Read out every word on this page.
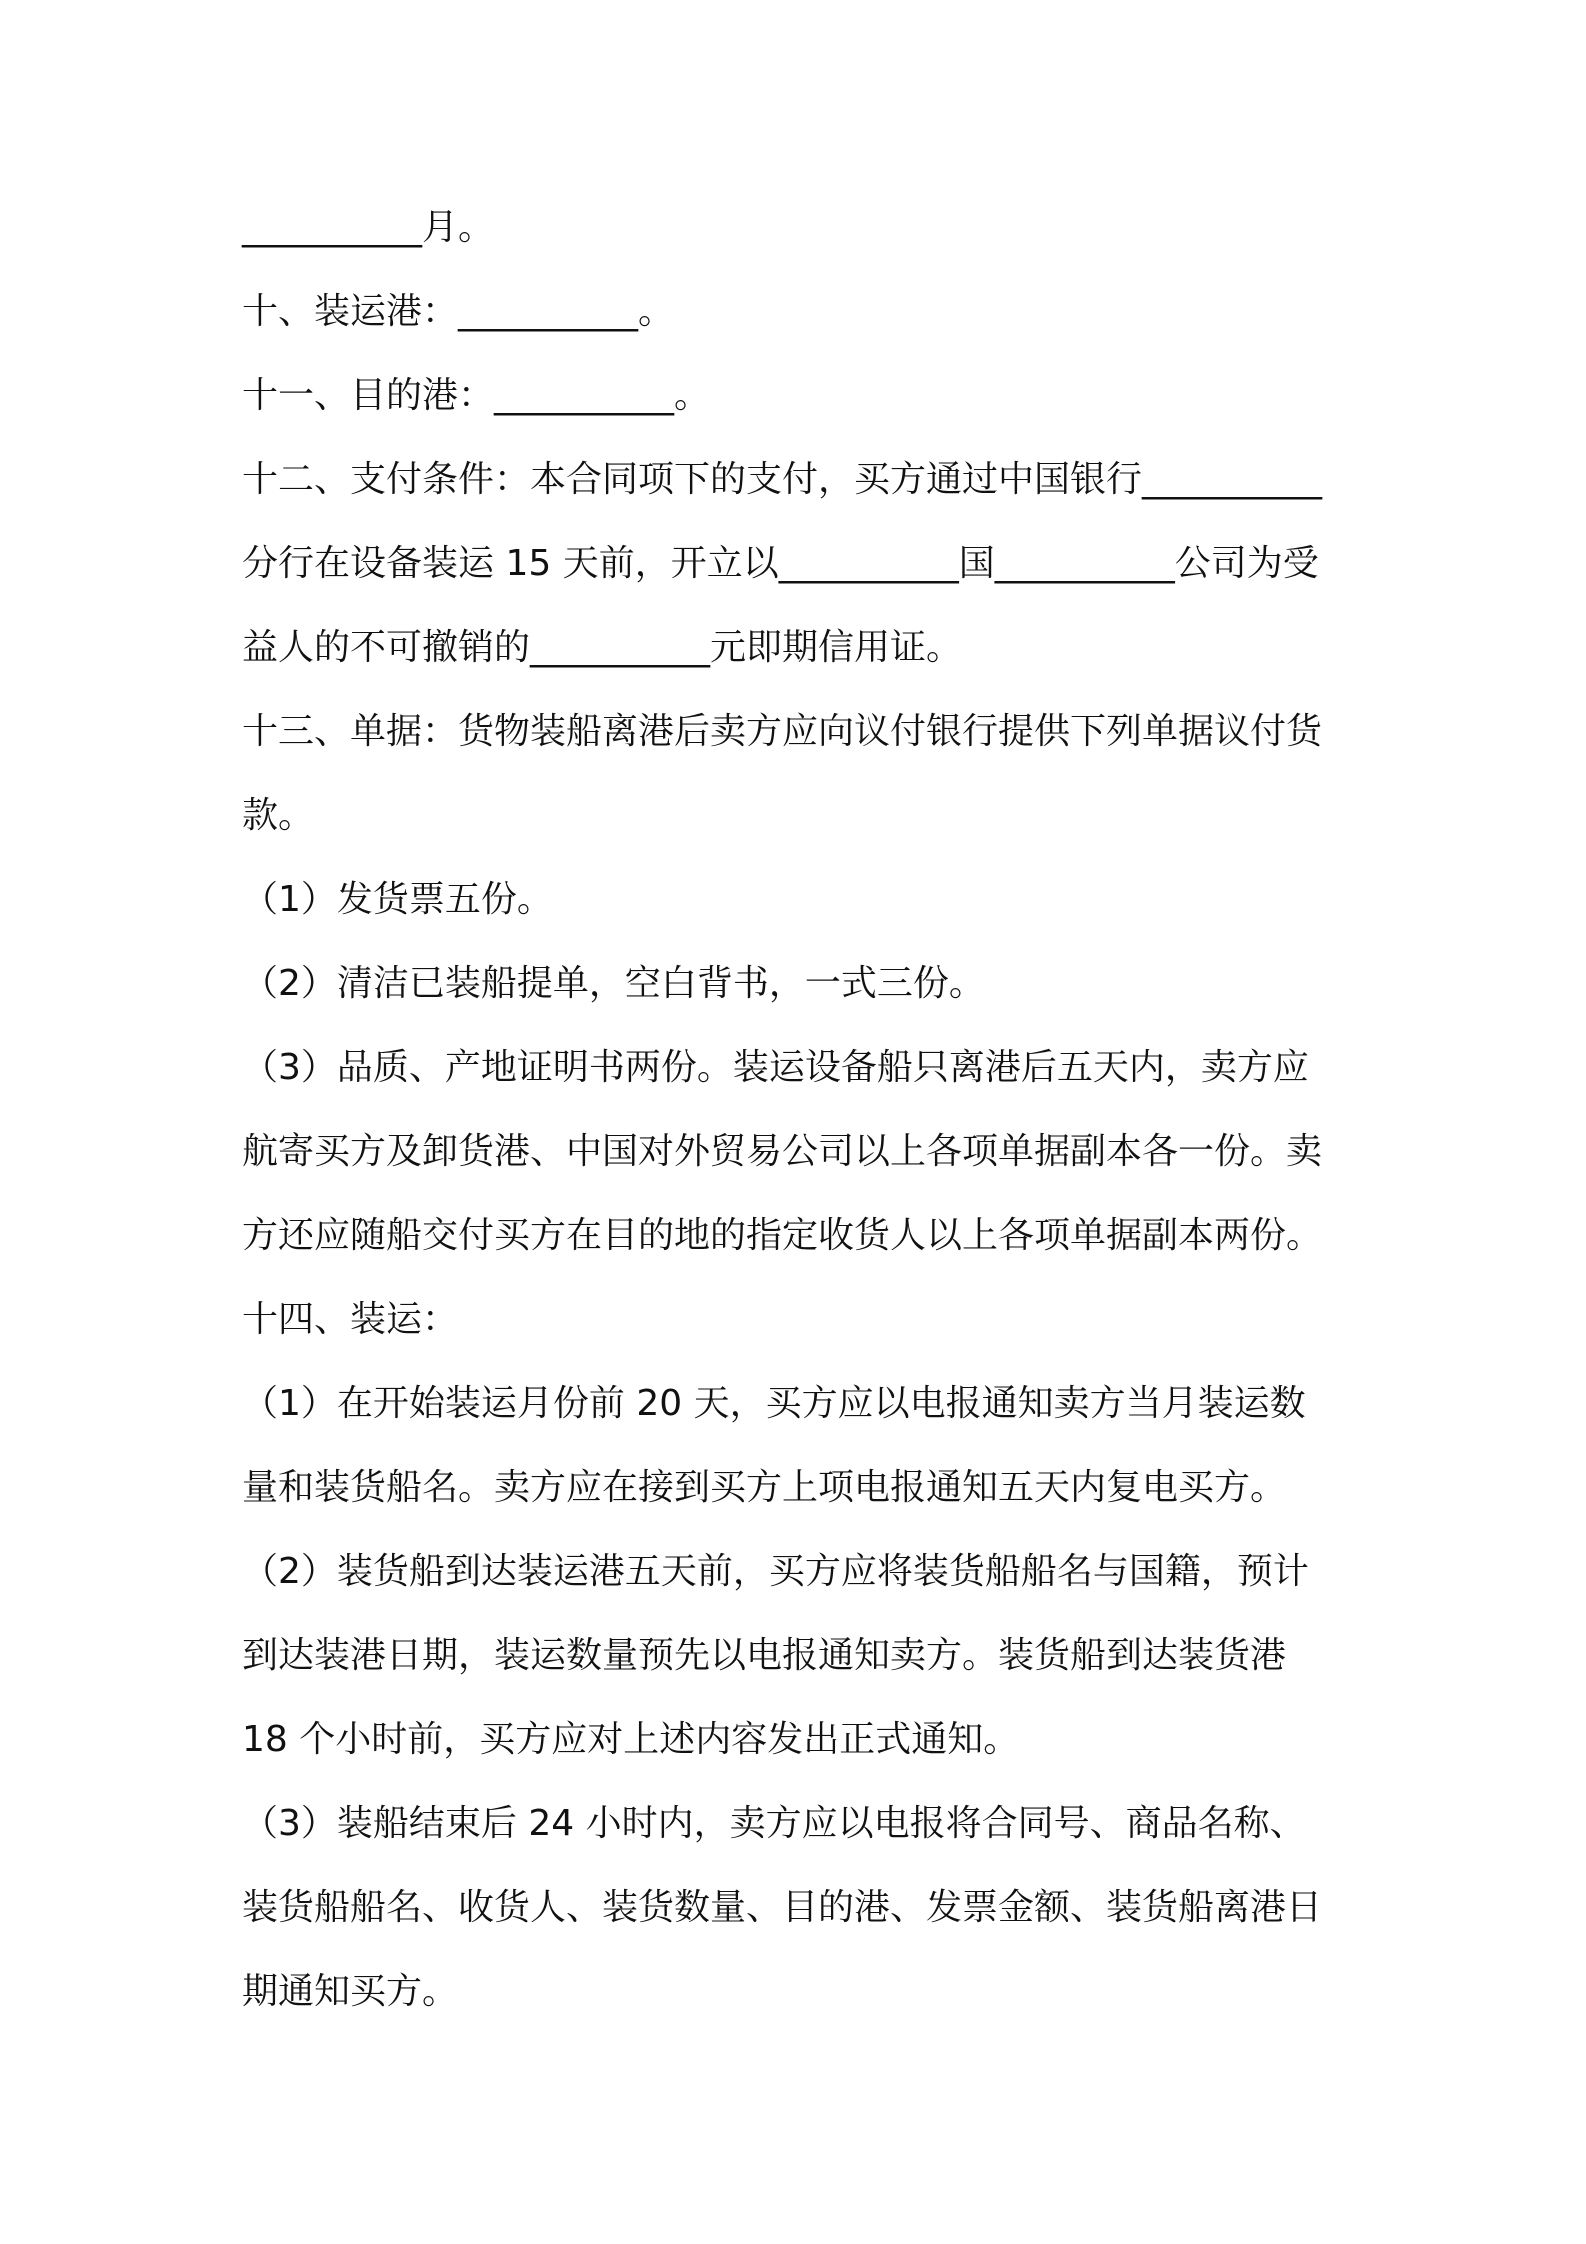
__________月。
十、装运港：__________。
十一、目的港：__________。
十二、支付条件：本合同项下的支付，买方通过中国银行__________
分行在设备装运 15 天前，开立以__________国__________公司为受
益人的不可撤销的__________元即期信用证。
十三、单据：货物装船离港后卖方应向议付银行提供下列单据议付货
款。
（1）发货票五份。
（2）清洁已装船提单，空白背书，一式三份。
（3）品质、产地证明书两份。装运设备船只离港后五天内，卖方应
航寄买方及卸货港、中国对外贸易公司以上各项单据副本各一份。卖
方还应随船交付买方在目的地的指定收货人以上各项单据副本两份。
十四、装运：
（1）在开始装运月份前 20 天，买方应以电报通知卖方当月装运数
量和装货船名。卖方应在接到买方上项电报通知五天内复电买方。
（2）装货船到达装运港五天前，买方应将装货船船名与国籍，预计
到达装港日期，装运数量预先以电报通知卖方。装货船到达装货港
18 个小时前，买方应对上述内容发出正式通知。
（3）装船结束后 24 小时内，卖方应以电报将合同号、商品名称、
装货船船名、收货人、装货数量、目的港、发票金额、装货船离港日
期通知买方。
